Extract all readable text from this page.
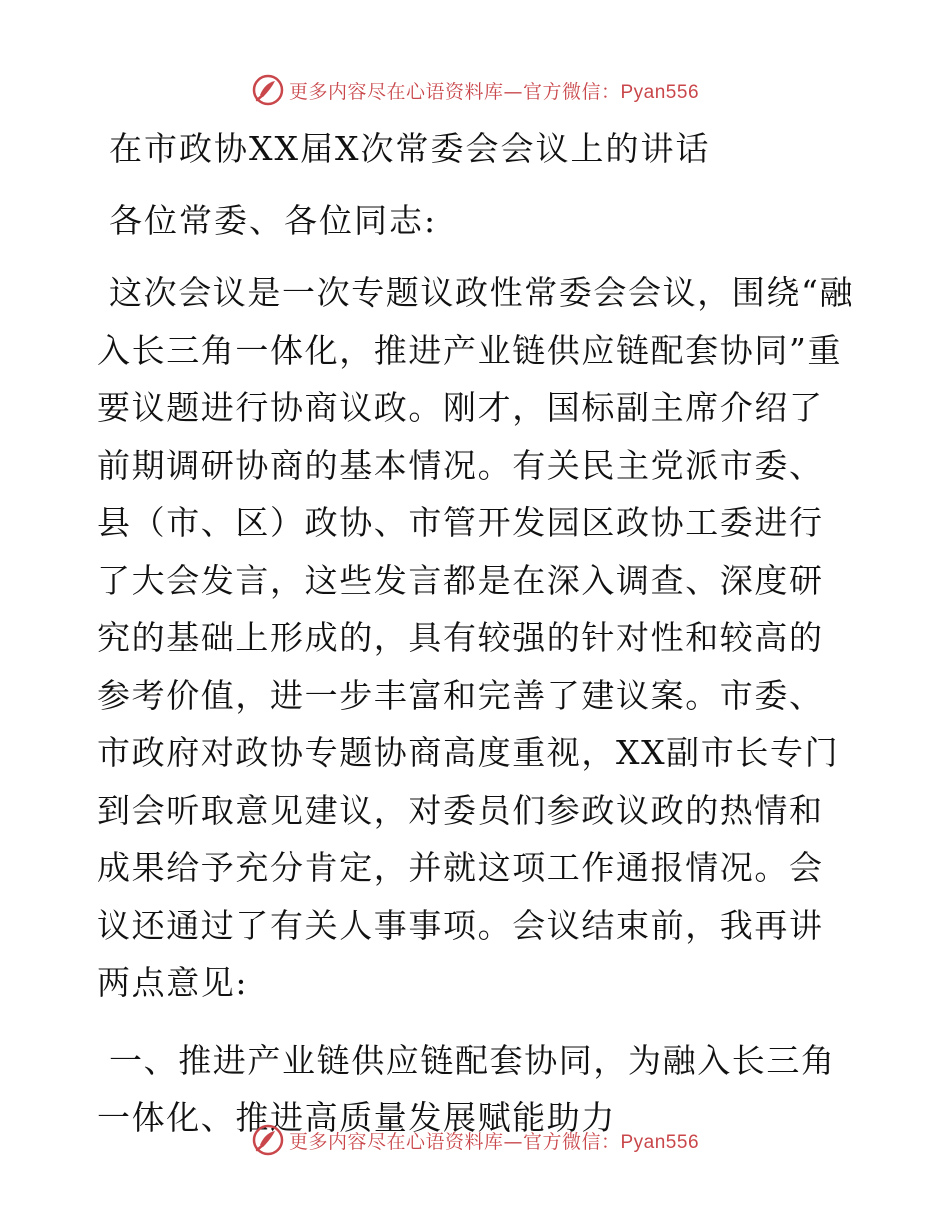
更多内容尽在心语资料库—官方微信：Pyan556
在市政协XX届X次常委会会议上的讲话

各位常委、各位同志:

这次会议是一次专题议政性常委会会议，围绕“融入长三角一体化，推进产业链供应链配套协同”重要议题进行协商议政。刚才，国标副主席介绍了前期调研协商的基本情况。有关民主党派市委、县（市、区）政协、市管开发园区政协工委进行了大会发言，这些发言都是在深入调查、深度研究的基础上形成的，具有较强的针对性和较高的参考价值，进一步丰富和完善了建议案。市委、市政府对政协专题协商高度重视，XX副市长专门到会听取意见建议，对委员们参政议政的热情和成果给予充分肯定，并就这项工作通报情况。会议还通过了有关人事事项。会议结束前，我再讲两点意见:

一、推进产业链供应链配套协同，为融入长三角一体化、推进高质量发展赋能助力

更多内容尽在心语资料库—官方微信：Pyan556
